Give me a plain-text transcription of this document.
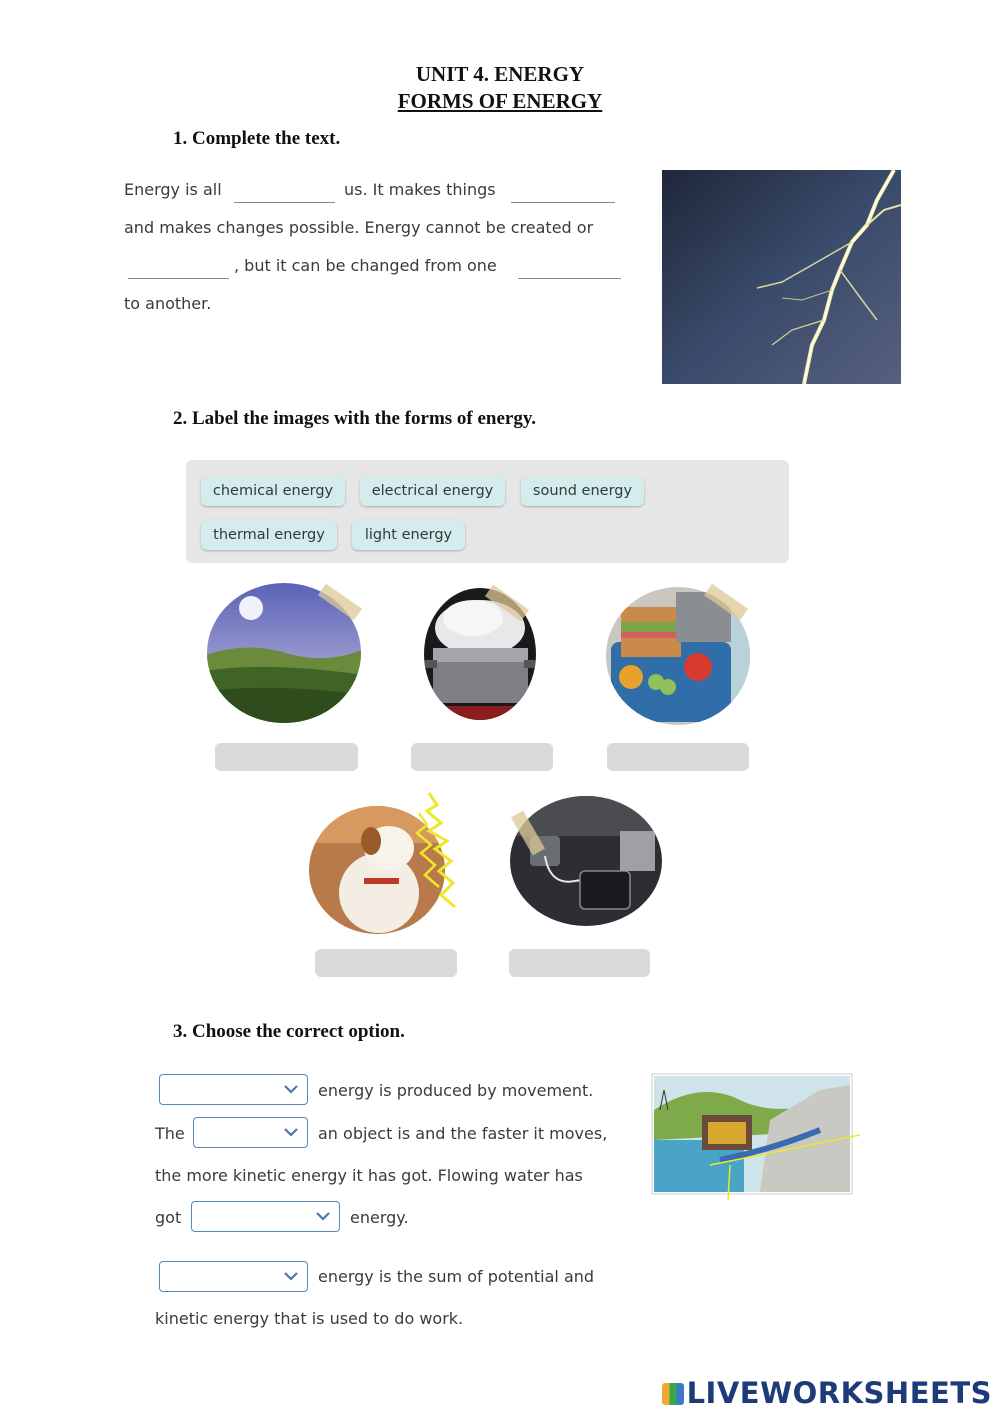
UNIT 4. ENERGY
FORMS OF ENERGY
1. Complete the text.
Energy is all	us. It makes things
and makes changes possible. Energy cannot be created or
, but it can be changed from one
to another.
2. Label the images with the forms of energy.
chemical energy	electrical energy	sound energy
thermal energy	light energy
3. Choose the correct option.
energy is produced by movement.
The	an object is and the faster it moves,
the more kinetic energy it has got. Flowing water has
got	energy.
energy is the sum of potential and
kinetic energy that is used to do work.
LIVEWORKSHEETS
